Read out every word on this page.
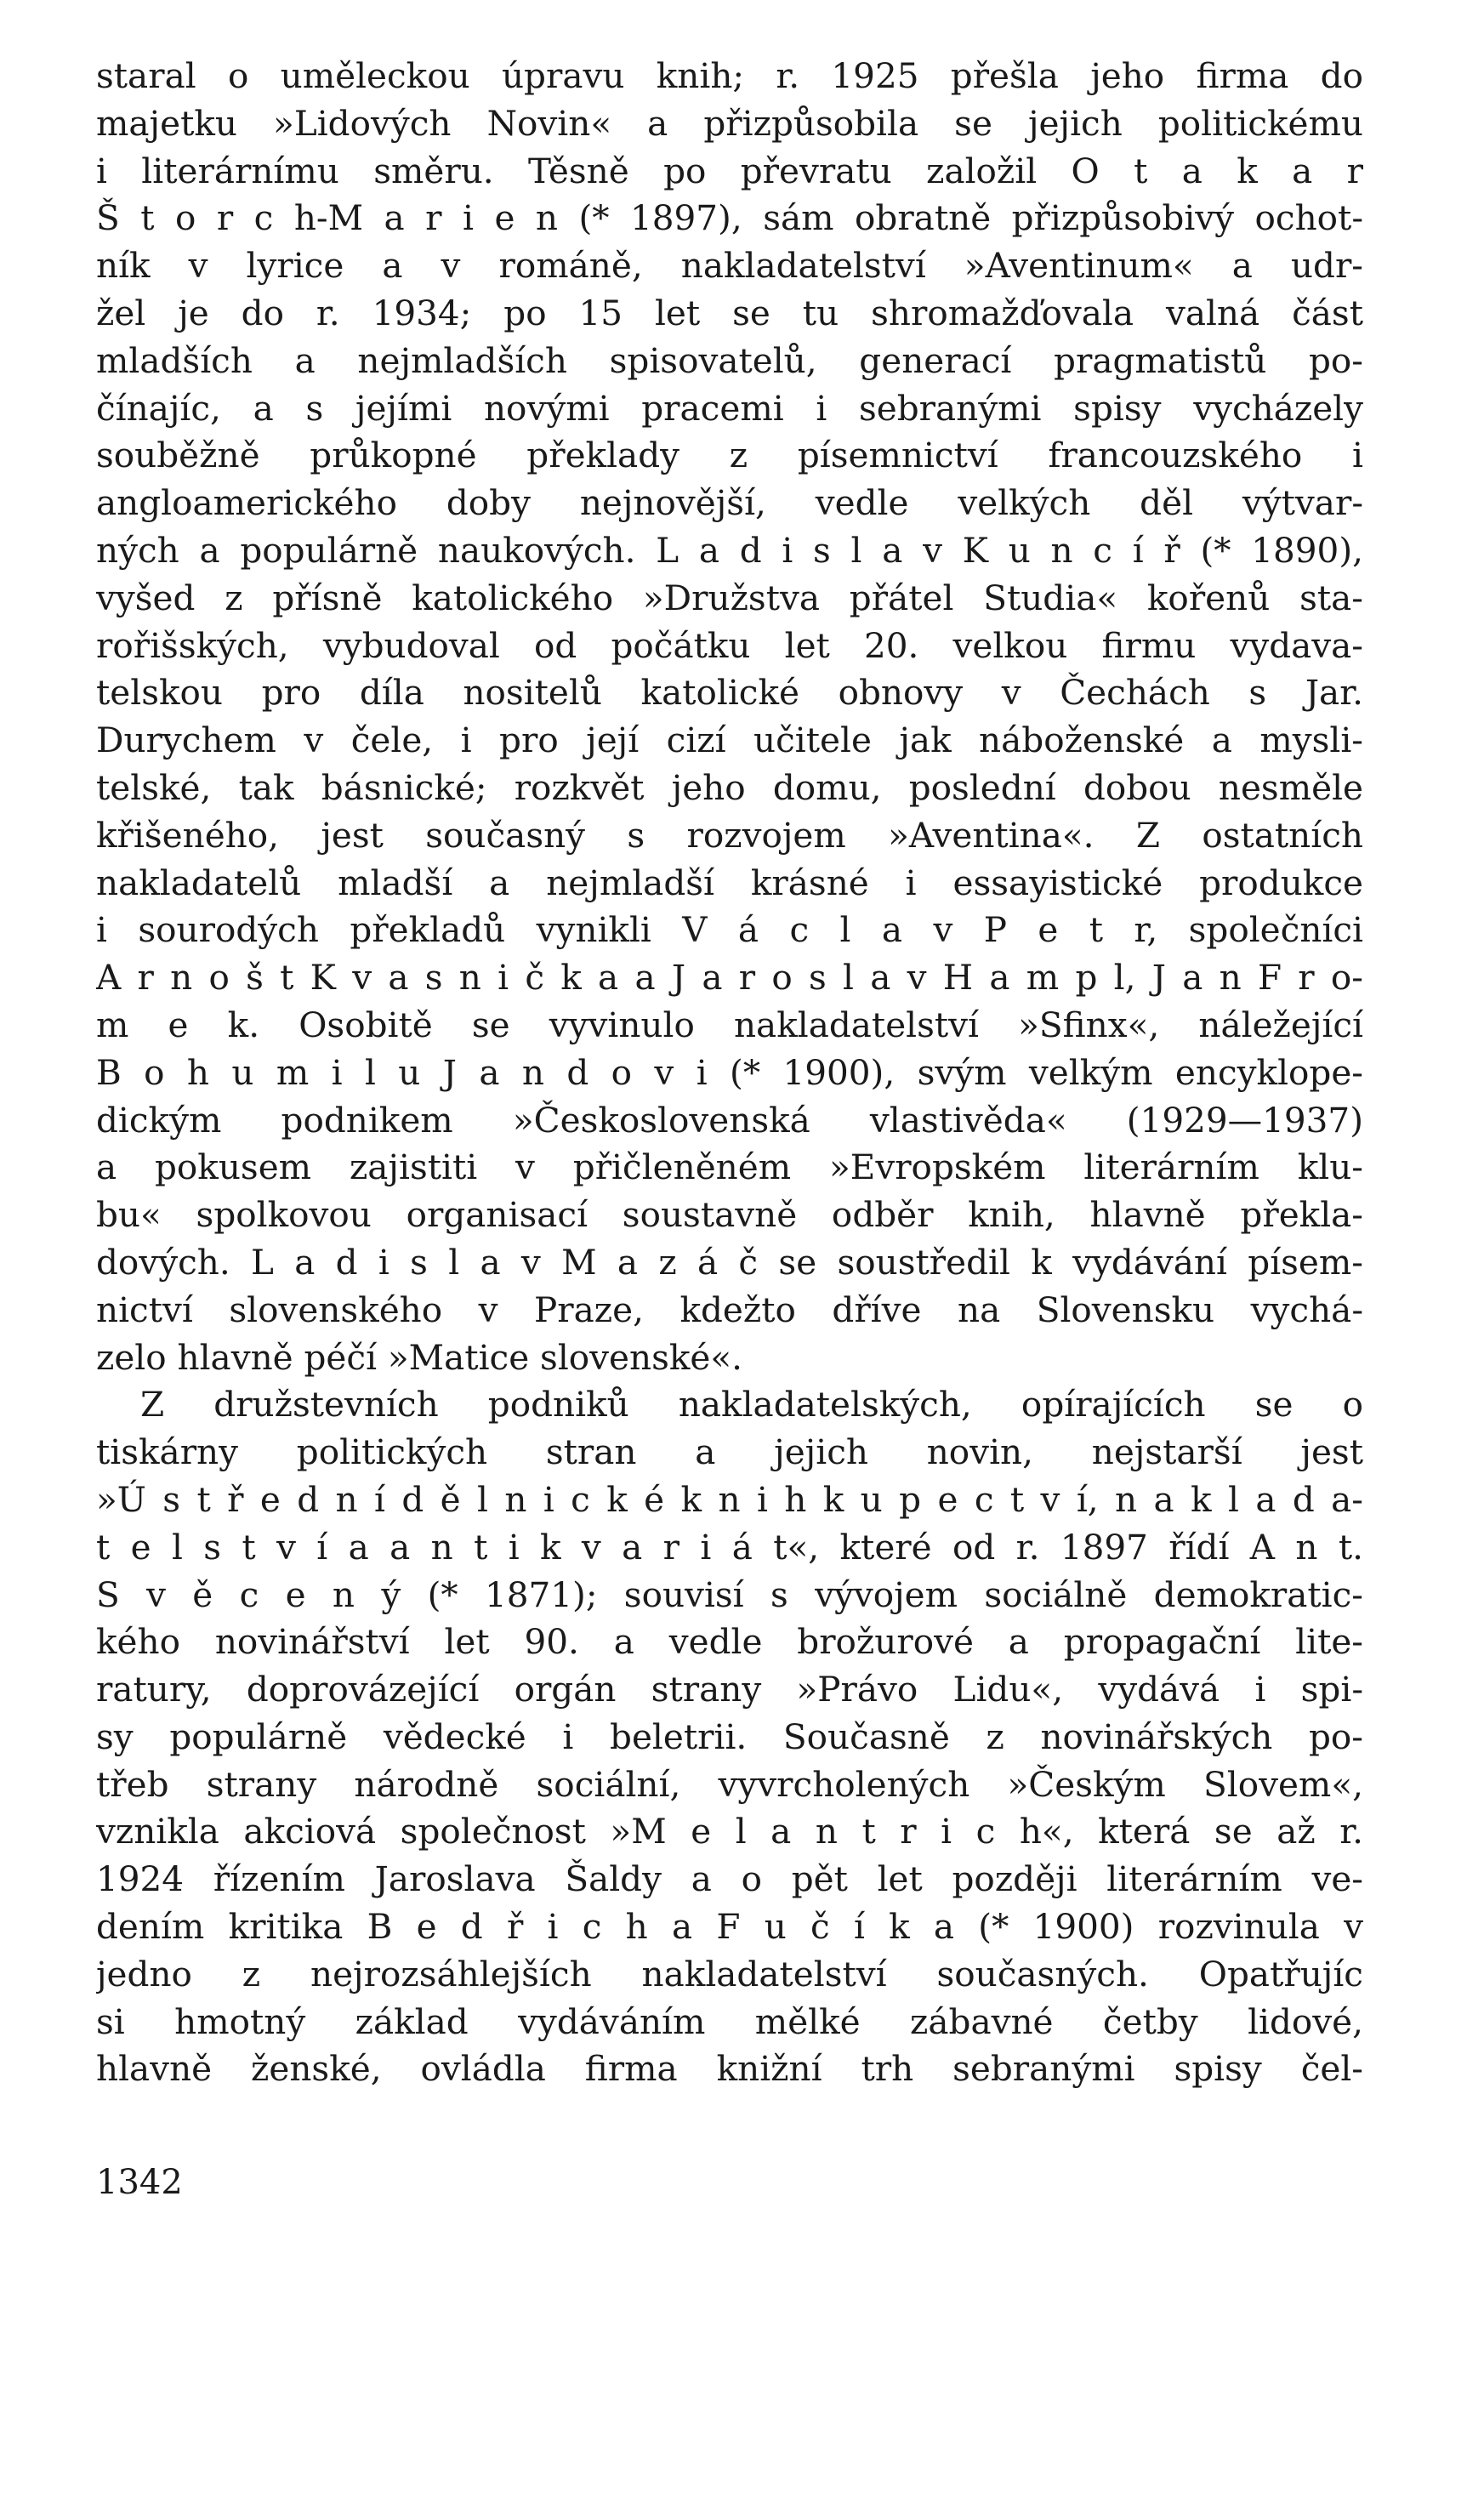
staral o uměleckou úpravu knih; r. 1925 přešla jeho firma do
majetku »Lidových Novin« a přizpůsobila se jejich politickému
i literárnímu směru. Těsně po převratu založil O t a k a r
Š t o r c h-M a r i e n (* 1897), sám obratně přizpůsobivý ochot-
ník v lyrice a v románě, nakladatelství »Aventinum« a udr-
žel je do r. 1934; po 15 let se tu shromažďovala valná část
mladších a nejmladších spisovatelů, generací pragmatistů po-
čínajíc, a s jejími novými pracemi i sebranými spisy vycházely
souběžně průkopné překlady z písemnictví francouzského i
angloamerického doby nejnovější, vedle velkých děl výtvar-
ných a populárně naukových. L a d i s l a v K u n c í ř (* 1890),
vyšed z přísně katolického »Družstva přátel Studia« kořenů sta-
rořišských, vybudoval od počátku let 20. velkou firmu vydava-
telskou pro díla nositelů katolické obnovy v Čechách s Jar.
Durychem v čele, i pro její cizí učitele jak náboženské a mysli-
telské, tak básnické; rozkvět jeho domu, poslední dobou nesměle
křišeného, jest současný s rozvojem »Aventina«. Z ostatních
nakladatelů mladší a nejmladší krásné i essayistické produkce
i sourodých překladů vynikli V á c l a v P e t r, společníci
A r n o š t K v a s n i č k a a J a r o s l a v H a m p l, J a n F r o-
m e k. Osobitě se vyvinulo nakladatelství »Sfinx«, náležející
B o h u m i l u J a n d o v i (* 1900), svým velkým encyklope-
dickým podnikem »Československá vlastivěda« (1929—1937)
a pokusem zajistiti v přičleněném »Evropském literárním klu-
bu« spolkovou organisací soustavně odběr knih, hlavně překla-
dových. L a d i s l a v M a z á č se soustředil k vydávání písem-
nictví slovenského v Praze, kdežto dříve na Slovensku vychá-
zelo hlavně péčí »Matice slovenské«.
Z družstevních podniků nakladatelských, opírajících se o
tiskárny politických stran a jejich novin, nejstarší jest
»Ú s t ř e d n í d ě l n i c k é k n i h k u p e c t v í, n a k l a d a-
t e l s t v í a a n t i k v a r i á t«, které od r. 1897 řídí A n t.
S v ě c e n ý (* 1871); souvisí s vývojem sociálně demokratic-
kého novinářství let 90. a vedle brožurové a propagační lite-
ratury, doprovázející orgán strany »Právo Lidu«, vydává i spi-
sy populárně vědecké i beletrii. Současně z novinářských po-
třeb strany národně sociální, vyvrcholených »Českým Slovem«,
vznikla akciová společnost »M e l a n t r i c h«, která se až r.
1924 řízením Jaroslava Šaldy a o pět let později literárním ve-
dením kritika B e d ř i c h a F u č í k a (* 1900) rozvinula v
jedno z nejrozsáhlejších nakladatelství současných. Opatřujíc
si hmotný základ vydáváním mělké zábavné četby lidové,
hlavně ženské, ovládla firma knižní trh sebranými spisy čel-
1342
